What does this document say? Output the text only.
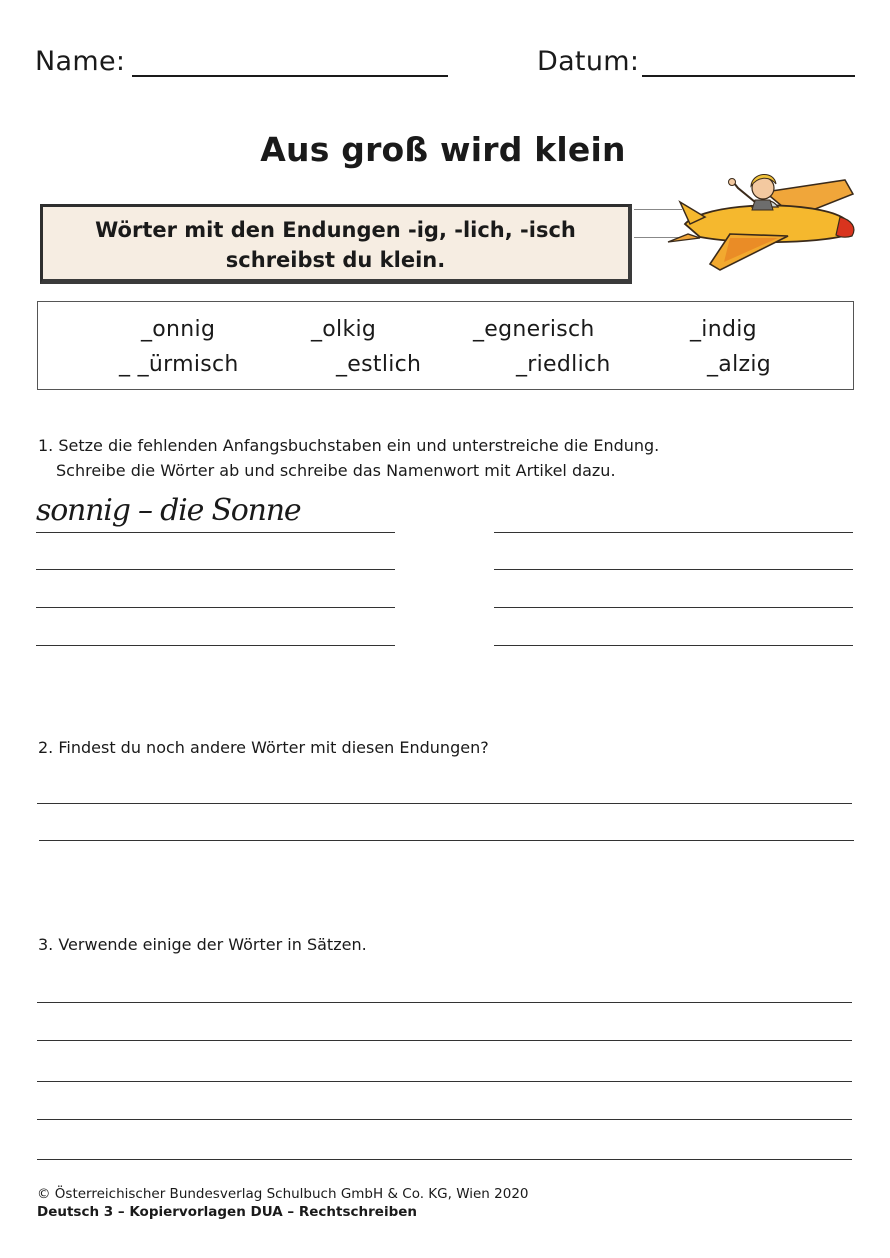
Name:	Datum:
Aus groß wird klein
Wörter mit den Endungen -ig, -lich, -isch
schreibst du klein.
_onnig	_olkig	_egnerisch	_indig
_ _ürmisch	_estlich	_riedlich	_alzig
1. Setze die fehlenden Anfangsbuchstaben ein und unterstreiche die Endung.
Schreibe die Wörter ab und schreibe das Namenwort mit Artikel dazu.
sonnig – die Sonne
2. Findest du noch andere Wörter mit diesen Endungen?
3. Verwende einige der Wörter in Sätzen.
© Österreichischer Bundesverlag Schulbuch GmbH & Co. KG, Wien 2020
Deutsch 3 – Kopiervorlagen DUA – Rechtschreiben
